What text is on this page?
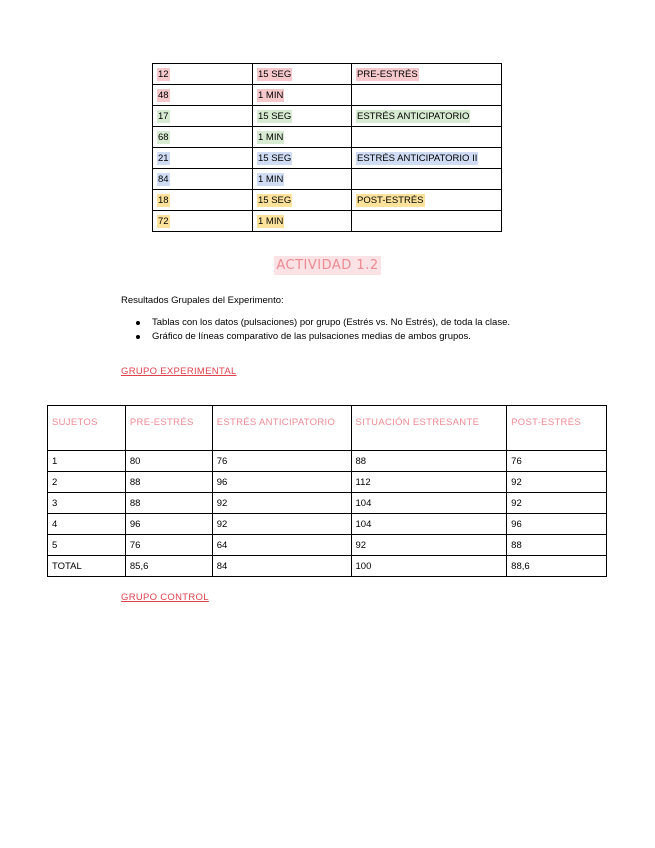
12	15 SEG	PRE-ESTRÉS
48	1 MIN	
17	15 SEG	ESTRÉS ANTICIPATORIO
68	1 MIN	
21	15 SEG	ESTRÉS ANTICIPATORIO II
84	1 MIN	
18	15 SEG	POST-ESTRÉS
72	1 MIN	
ACTIVIDAD 1.2
Resultados Grupales del Experimento:
Tablas con los datos (pulsaciones) por grupo (Estrés vs. No Estrés), de toda la clase.
Gráfico de líneas comparativo de las pulsaciones medias de ambos grupos.
GRUPO EXPERIMENTAL
SUJETOS	PRE-ESTRÉS	ESTRÉS ANTICIPATORIO	SITUACIÓN ESTRESANTE	POST-ESTRÉS
1	80	76	88	76
2	88	96	112	92
3	88	92	104	92
4	96	92	104	96
5	76	64	92	88
TOTAL	85,6	84	100	88,6
GRUPO CONTROL
